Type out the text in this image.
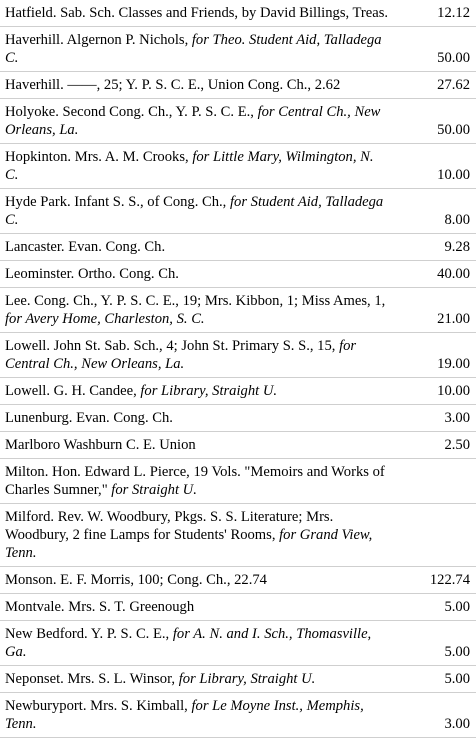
Hatfield. Sab. Sch. Classes and Friends, by David Billings, Treas.	12.12
Haverhill. Algernon P. Nichols, for Theo. Student Aid, Talladega C.	50.00
Haverhill. ——, 25; Y. P. S. C. E., Union Cong. Ch., 2.62	27.62
Holyoke. Second Cong. Ch., Y. P. S. C. E., for Central Ch., New Orleans, La.	50.00
Hopkinton. Mrs. A. M. Crooks, for Little Mary, Wilmington, N. C.	10.00
Hyde Park. Infant S. S., of Cong. Ch., for Student Aid, Talladega C.	8.00
Lancaster. Evan. Cong. Ch.	9.28
Leominster. Ortho. Cong. Ch.	40.00
Lee. Cong. Ch., Y. P. S. C. E., 19; Mrs. Kibbon, 1; Miss Ames, 1, for Avery Home, Charleston, S. C.	21.00
Lowell. John St. Sab. Sch., 4; John St. Primary S. S., 15, for Central Ch., New Orleans, La.	19.00
Lowell. G. H. Candee, for Library, Straight U.	10.00
Lunenburg. Evan. Cong. Ch.	3.00
Marlboro Washburn C. E. Union	2.50
Milton. Hon. Edward L. Pierce, 19 Vols. "Memoirs and Works of Charles Sumner," for Straight U.
Milford. Rev. W. Woodbury, Pkgs. S. S. Literature; Mrs. Woodbury, 2 fine Lamps for Students' Rooms, for Grand View, Tenn.
Monson. E. F. Morris, 100; Cong. Ch., 22.74	122.74
Montvale. Mrs. S. T. Greenough	5.00
New Bedford. Y. P. S. C. E., for A. N. and I. Sch., Thomasville, Ga.	5.00
Neponset. Mrs. S. L. Winsor, for Library, Straight U.	5.00
Newburyport. Mrs. S. Kimball, for Le Moyne Inst., Memphis, Tenn.	3.00
